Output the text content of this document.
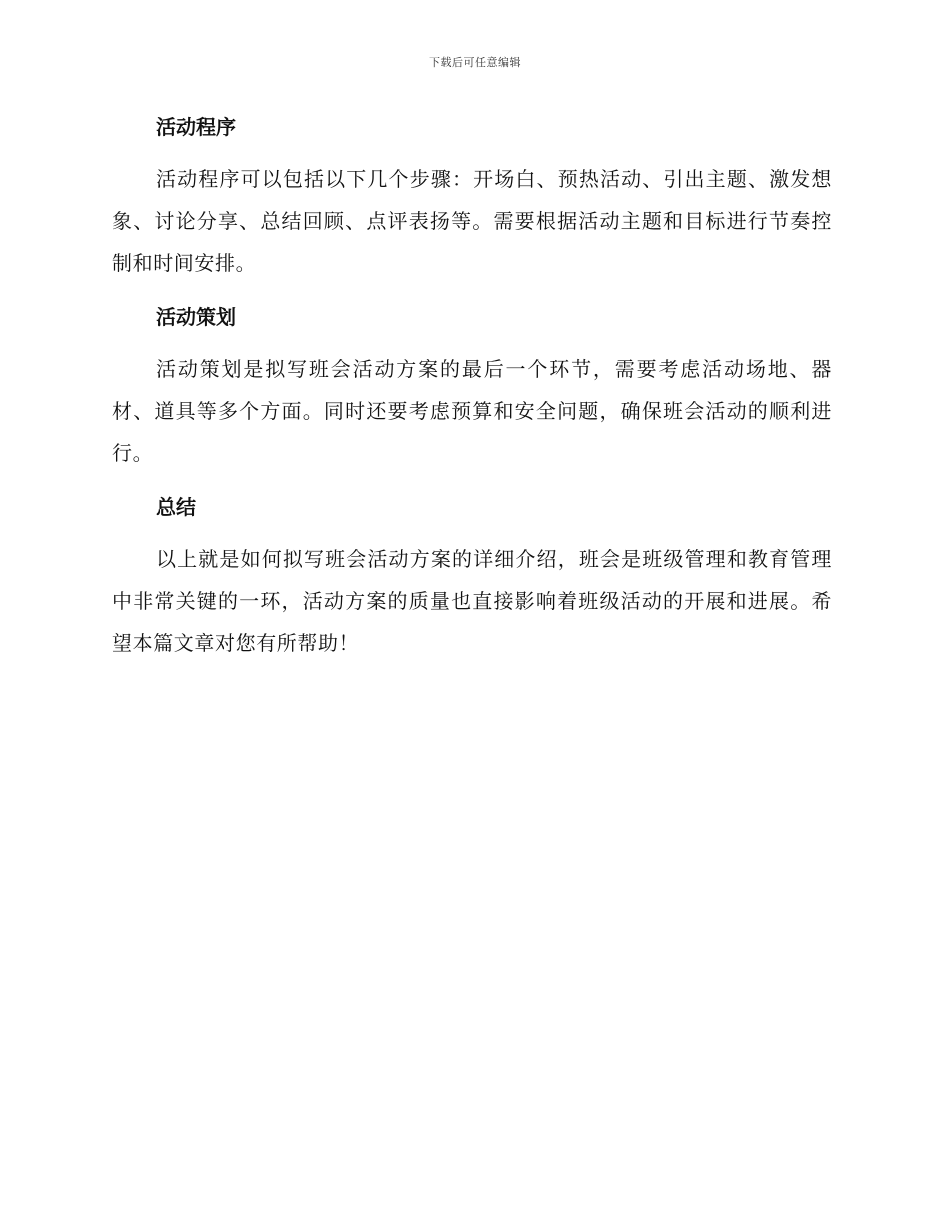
下载后可任意编辑
活动程序

活动程序可以包括以下几个步骤：开场白、预热活动、引出主题、激发想象、讨论分享、总结回顾、点评表扬等。需要根据活动主题和目标进行节奏控制和时间安排。

活动策划

活动策划是拟写班会活动方案的最后一个环节，需要考虑活动场地、器材、道具等多个方面。同时还要考虑预算和安全问题，确保班会活动的顺利进行。

总结

以上就是如何拟写班会活动方案的详细介绍，班会是班级管理和教育管理中非常关键的一环，活动方案的质量也直接影响着班级活动的开展和进展。希望本篇文章对您有所帮助！
